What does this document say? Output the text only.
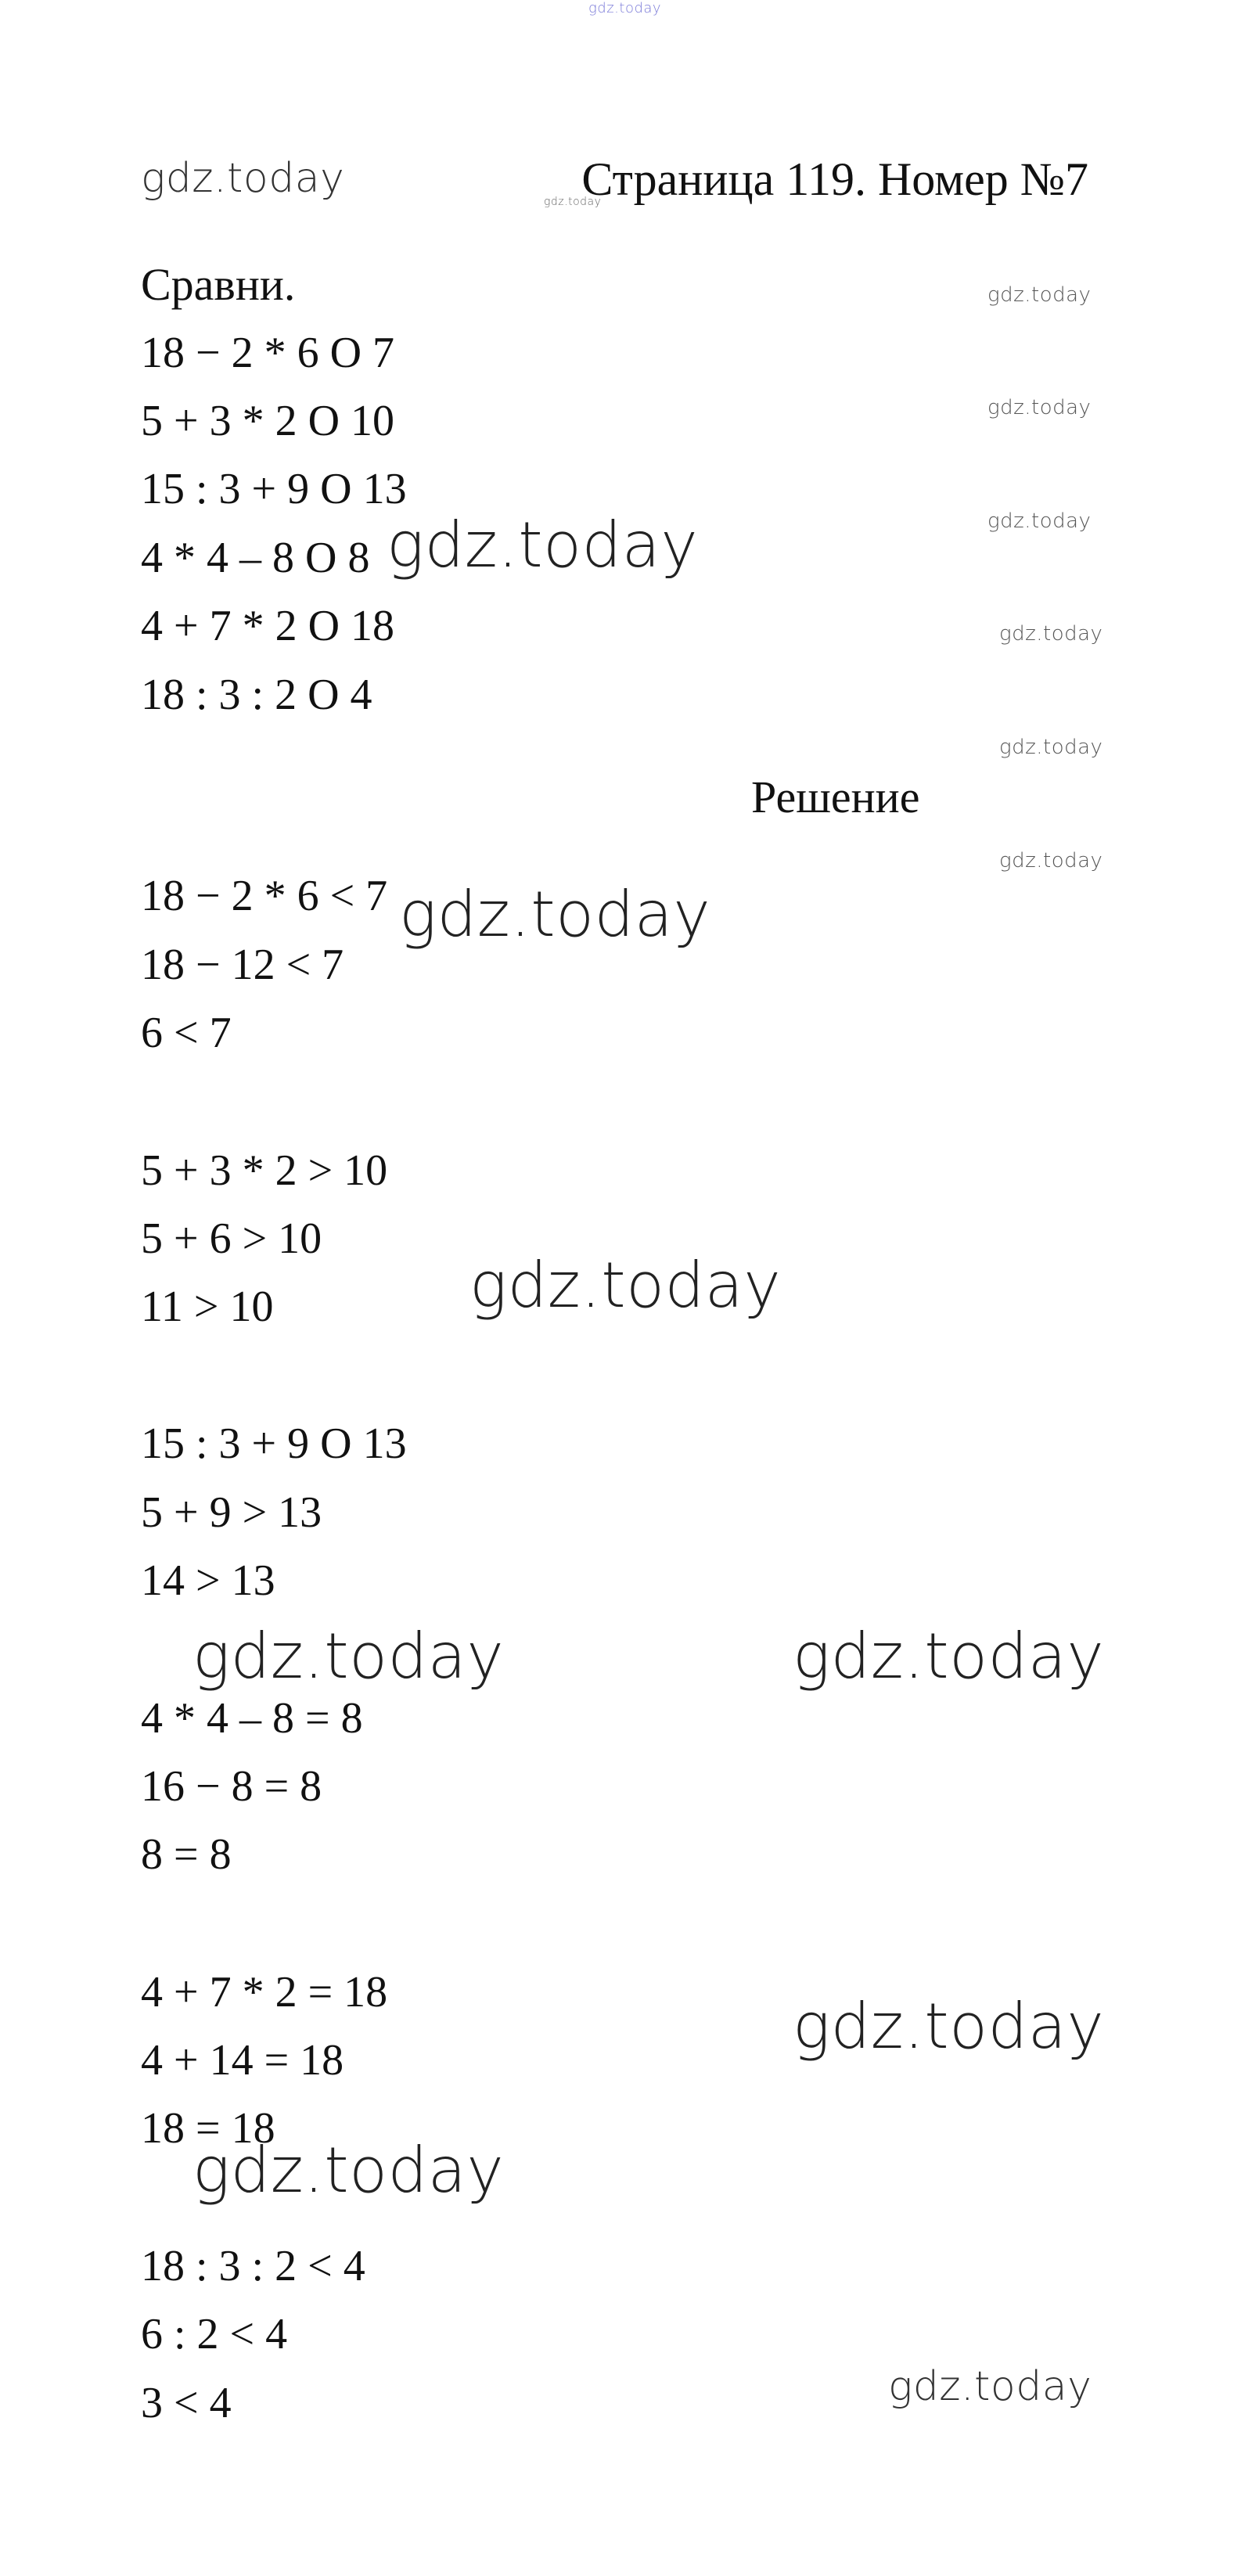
gdz.today
gdz.today	gdz.today
gdz.today
gdz.today
gdz.today
gdz.today
gdz.today
gdz.today
gdz.today
gdz.today
gdz.today
gdz.today	gdz.today
gdz.today
gdz.today
gdz.today
Страница 119. Номер №7
Сравни.
18 − 2 * 6 O 7
5 + 3 * 2 O 10
15 : 3 + 9 O 13
4 * 4 – 8 O 8
4 + 7 * 2 O 18
18 : 3 : 2 O 4
Решение
18 − 2 * 6 < 7
18 − 12 < 7
6 < 7
5 + 3 * 2 > 10
5 + 6 > 10
11 > 10
15 : 3 + 9 O 13
5 + 9 > 13
14 > 13
4 * 4 – 8 = 8
16 − 8 = 8
8 = 8
4 + 7 * 2 = 18
4 + 14 = 18
18 = 18
18 : 3 : 2 < 4
6 : 2 < 4
3 < 4
